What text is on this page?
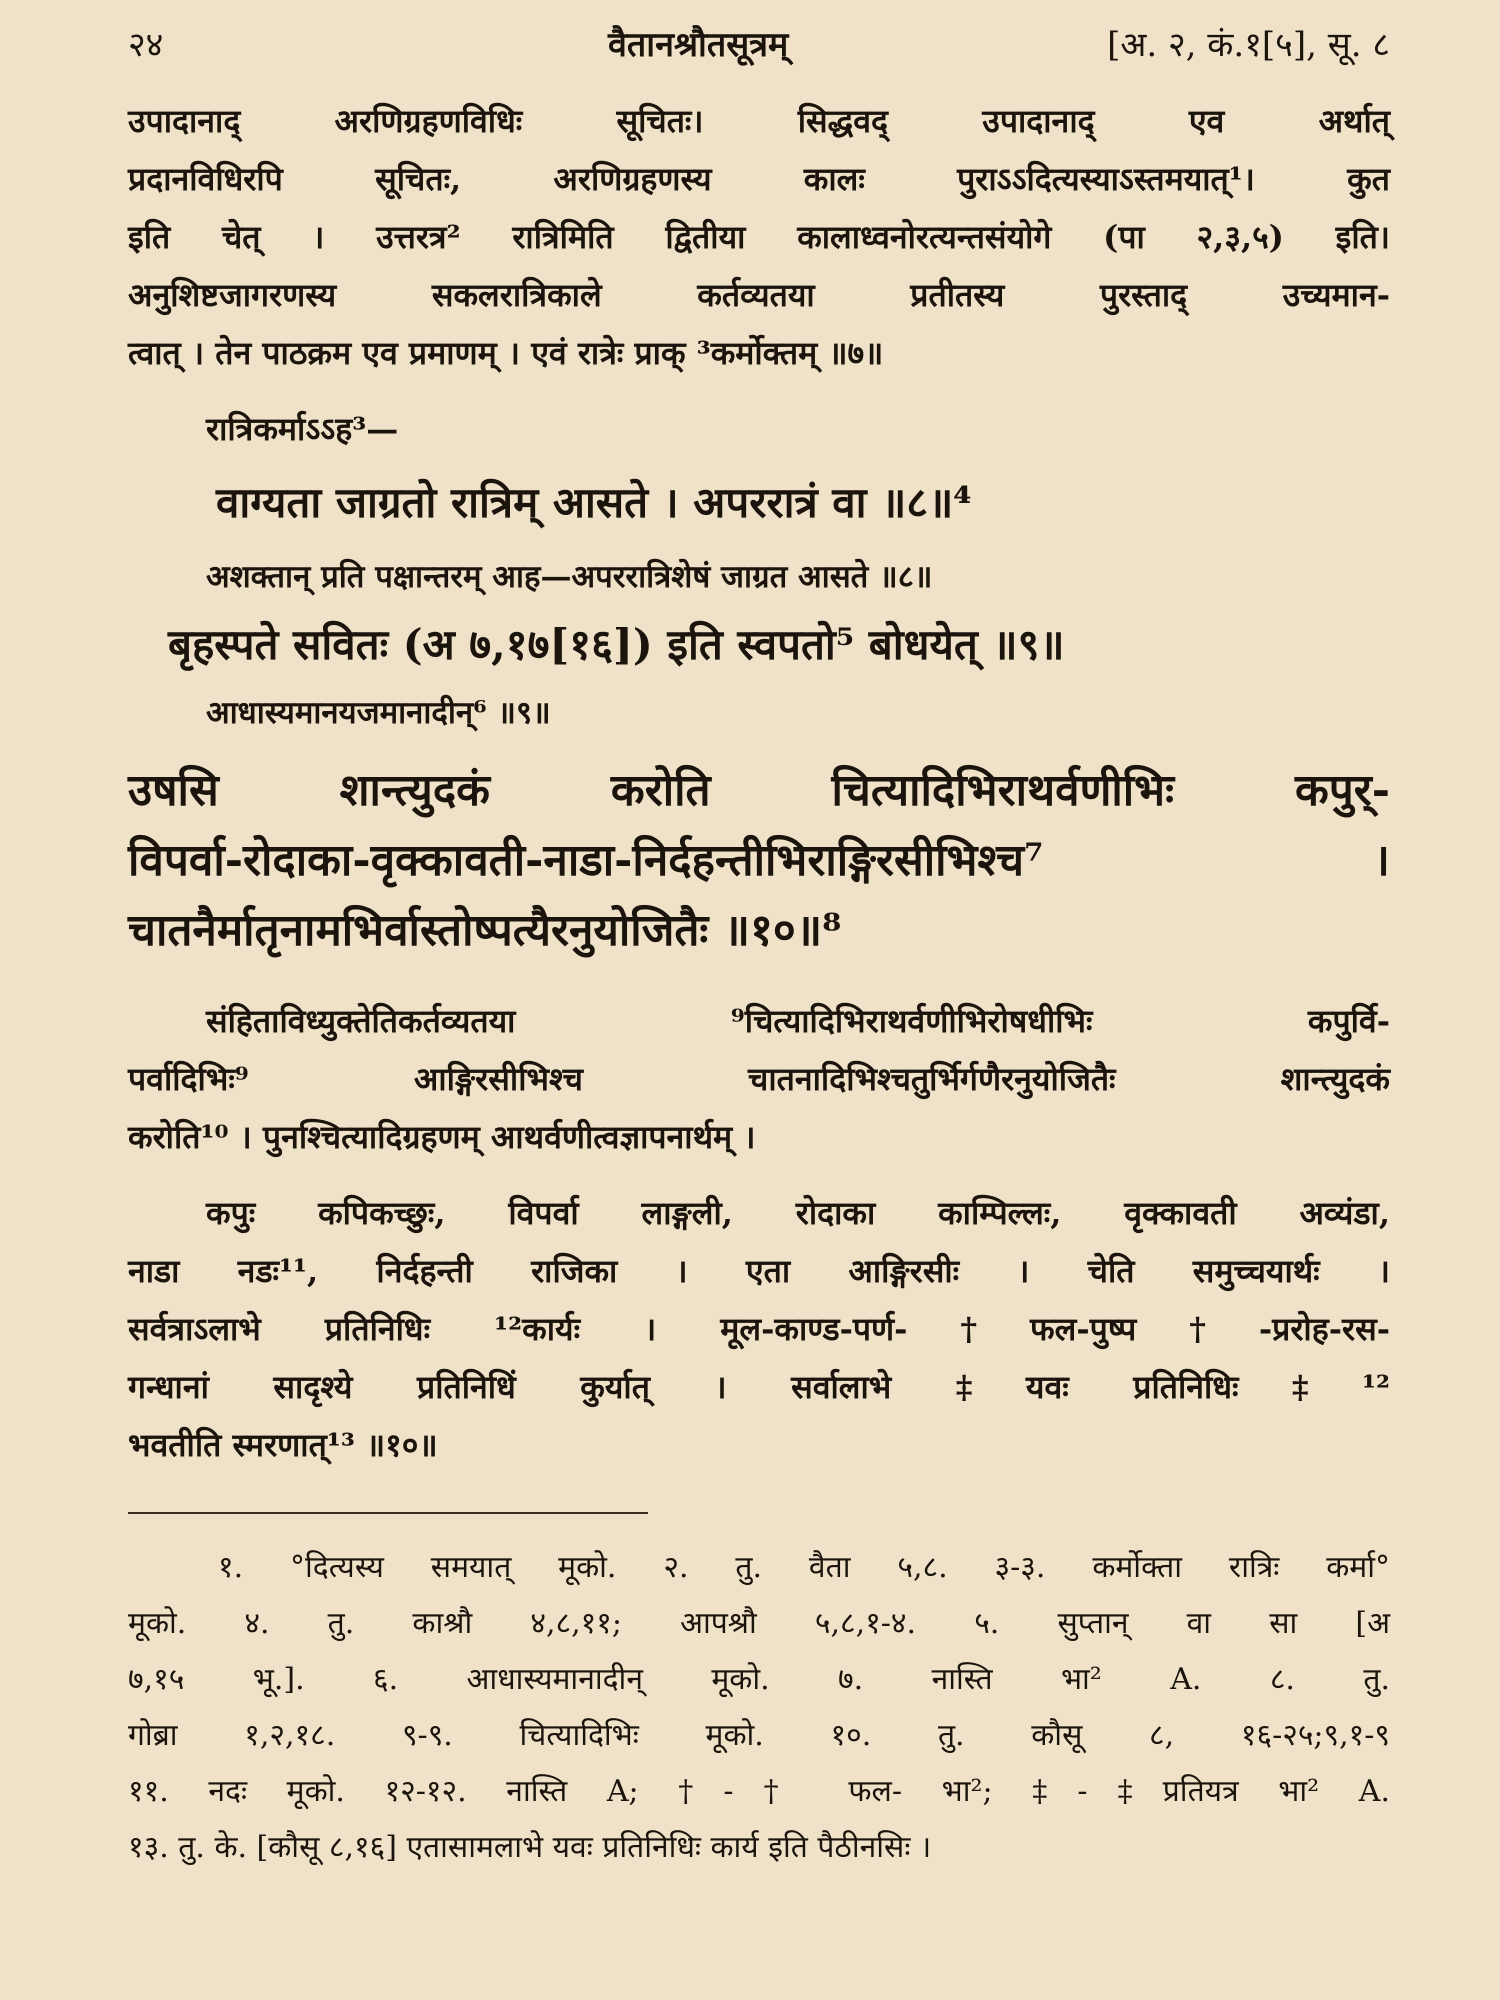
२४	वैतानश्रौतसूत्रम्	[अ. २, कं.१[५], सू. ८

उपादानाद् अरणिग्रहणविधिः सूचितः। सिद्धवद् उपादानाद् एव अर्थात्
प्रदानविधिरपि सूचितः, अरणिग्रहणस्य कालः पुराऽऽदित्यस्याऽस्तमयात्¹। कुत
इति चेत् । उत्तरत्र² रात्रिमिति द्वितीया कालाध्वनोरत्यन्तसंयोगे (पा २,३,५) इति।
अनुशिष्टजागरणस्य सकलरात्रिकाले कर्तव्यतया प्रतीतस्य पुरस्ताद् उच्यमान-
त्वात् । तेन पाठक्रम एव प्रमाणम् । एवं रात्रेः प्राक् ³कर्मोक्तम् ॥७॥

रात्रिकर्माऽऽह³—
वाग्यता जाग्रतो रात्रिम् आसते । अपररात्रं वा ॥८॥⁴
अशक्तान् प्रति पक्षान्तरम् आह—अपररात्रिशेषं जाग्रत आसते ॥८॥
बृहस्पते सवितः (अ ७,१७[१६]) इति स्वपतो⁵ बोधयेत् ॥९॥
आधास्यमानयजमानादीन्⁶ ॥९॥
उषसि शान्त्युदकं करोति चित्यादिभिराथर्वणीभिः कपुर्-
विपर्वा-रोदाका-वृक्कावती-नाडा-निर्दहन्तीभिराङ्गिरसीभिश्च⁷ ।
चातनैर्मातृनामभिर्वास्तोष्पत्यैरनुयोजितैः ॥१०॥⁸

संहिताविध्युक्तेतिकर्तव्यतया ⁹चित्यादिभिराथर्वणीभिरोषधीभिः कपुर्वि-
पर्वादिभिः⁹ आङ्गिरसीभिश्च चातनादिभिश्चतुर्भिर्गणैरनुयोजितैः शान्त्युदकं
करोति¹⁰ । पुनश्चित्यादिग्रहणम् आथर्वणीत्वज्ञापनार्थम् ।

कपुः कपिकच्छुः, विपर्वा लाङ्गली, रोदाका काम्पिल्लः, वृक्कावती अव्यंडा,
नाडा नडः¹¹, निर्दहन्ती राजिका । एता आङ्गिरसीः । चेति समुच्चयार्थः ।
सर्वत्राऽलाभे प्रतिनिधिः ¹²कार्यः । मूल-काण्ड-पर्ण-†फल-पुष्प†-प्ररोह-रस-
गन्धानां सादृश्ये प्रतिनिधिं कुर्यात् । सर्वालाभे ‡यवः प्रतिनिधिः‡¹²
भवतीति स्मरणात्¹³ ॥१०॥

१. °दित्यस्य समयात् मूको. २. तु. वैता ५,८. ३-३. कर्मोक्ता रात्रिः कर्मा°
मूको. ४. तु. काश्रौ ४,८,११; आपश्रौ ५,८,१-४. ५. सुप्तान् वा सा [अ
७,१५ भू.]. ६. आधास्यमानादीन् मूको. ७. नास्ति भा² A. ८. तु.
गोब्रा १,२,१८. ९-९. चित्यादिभिः मूको. १०. तु. कौसू ८, १६-२५;९,१-९
११. नदः मूको. १२-१२. नास्ति A; †-† फल- भा²; ‡-‡प्रतियत्र भा² A.
१३. तु. के. [कौसू ८,१६] एतासामलाभे यवः प्रतिनिधिः कार्य इति पैठीनसिः ।
